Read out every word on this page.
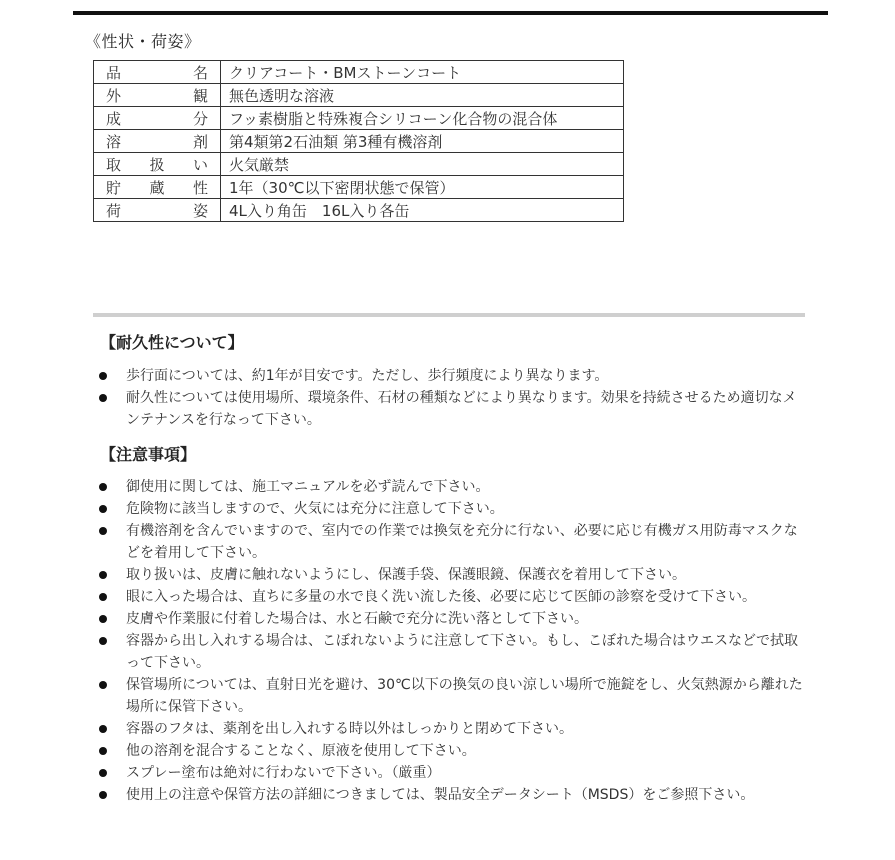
《性状・荷姿》
品 名	クリアコート・BMストーンコート

外 観	無色透明な溶液

成 分	フッ素樹脂と特殊複合シリコーン化合物の混合体

溶 剤	第4類第2石油類 第3種有機溶剤

取 扱 い	火気厳禁

貯 蔵 性	1年（30℃以下密閉状態で保管）

荷 姿	4L入り角缶　16L入り各缶
【耐久性について】
歩行面については、約1年が目安です。ただし、歩行頻度により異なります。
耐久性については使用場所、環境条件、石材の種類などにより異なります。効果を持続させるため適切なメンテナンスを行なって下さい。
【注意事項】
御使用に関しては、施工マニュアルを必ず読んで下さい。
危険物に該当しますので、火気には充分に注意して下さい。
有機溶剤を含んでいますので、室内での作業では換気を充分に行ない、必要に応じ有機ガス用防毒マスクなどを着用して下さい。
取り扱いは、皮膚に触れないようにし、保護手袋、保護眼鏡、保護衣を着用して下さい。
眼に入った場合は、直ちに多量の水で良く洗い流した後、必要に応じて医師の診察を受けて下さい。
皮膚や作業服に付着した場合は、水と石鹸で充分に洗い落として下さい。
容器から出し入れする場合は、こぼれないように注意して下さい。もし、こぼれた場合はウエスなどで拭取って下さい。
保管場所については、直射日光を避け、30℃以下の換気の良い涼しい場所で施錠をし、火気熱源から離れた場所に保管下さい。
容器のフタは、薬剤を出し入れする時以外はしっかりと閉めて下さい。
他の溶剤を混合することなく、原液を使用して下さい。
スプレー塗布は絶対に行わないで下さい。（厳重）
使用上の注意や保管方法の詳細につきましては、製品安全データシート（MSDS）をご参照下さい。
